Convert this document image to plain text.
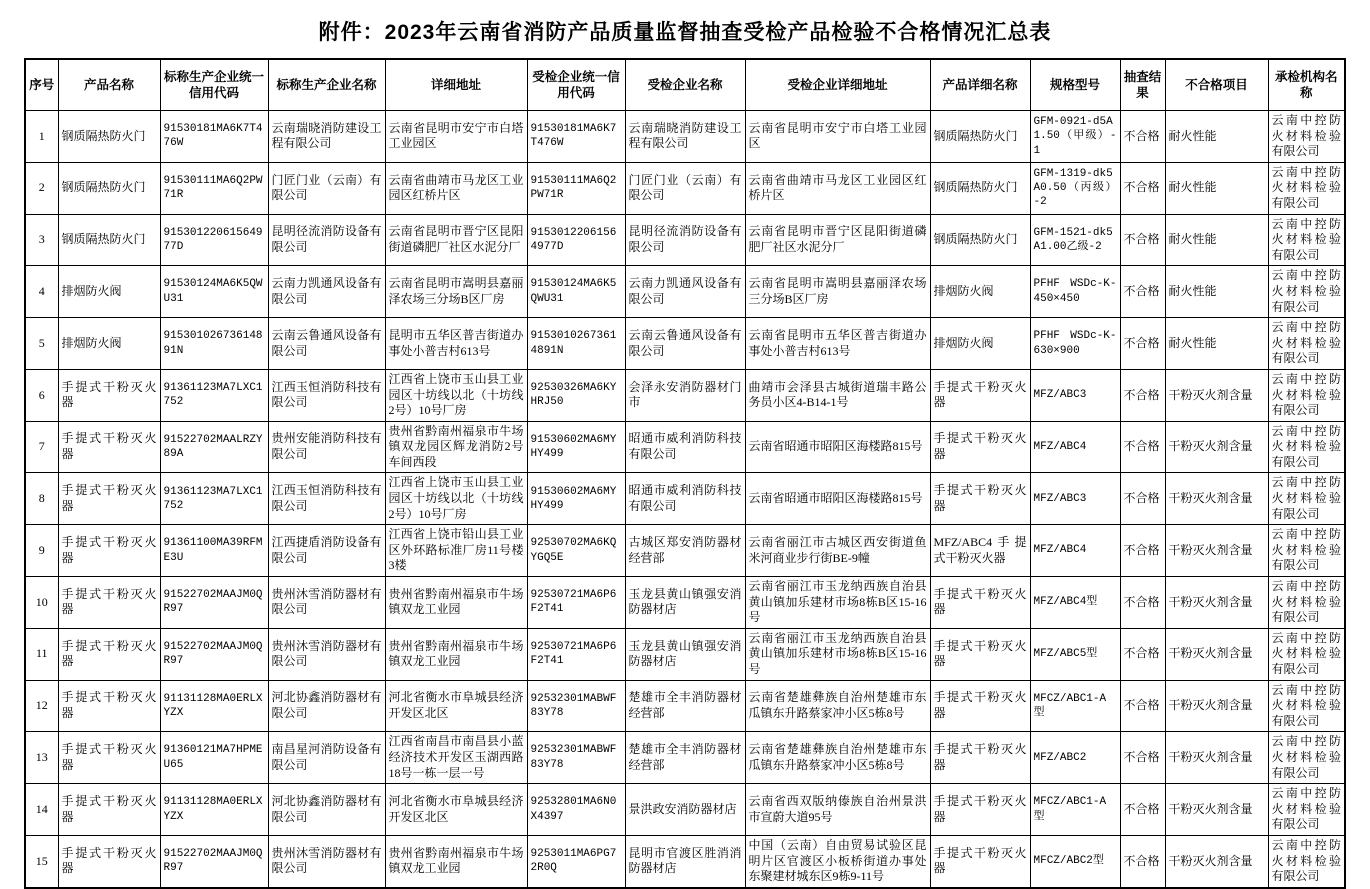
附件：2023年云南省消防产品质量监督抽查受检产品检验不合格情况汇总表
序号	产品名称	标称生产企业统一信用代码	标称生产企业名称	详细地址	受检企业统一信用代码	受检企业名称	受检企业详细地址	产品详细名称	规格型号	抽查结果	不合格项目	承检机构名称
1	钢质隔热防火门	91530181MA6K7T476W	云南瑞晓消防建设工程有限公司	云南省昆明市安宁市白塔工业园区	91530181MA6K7T476W	云南瑞晓消防建设工程有限公司	云南省昆明市安宁市白塔工业园区	钢质隔热防火门	GFM-0921-d5A1.50（甲级）-1	不合格	耐火性能	云南中控防火材料检验有限公司
2	钢质隔热防火门	91530111MA6Q2PW71R	门匠门业（云南）有限公司	云南省曲靖市马龙区工业园区红桥片区	91530111MA6Q2PW71R	门匠门业（云南）有限公司	云南省曲靖市马龙区工业园区红桥片区	钢质隔热防火门	GFM-1319-dk5A0.50（丙级）-2	不合格	耐火性能	云南中控防火材料检验有限公司
3	钢质隔热防火门	91530122061564977D	昆明径流消防设备有限公司	云南省昆明市晋宁区昆阳街道磷肥厂社区水泥分厂	91530122061564977D	昆明径流消防设备有限公司	云南省昆明市晋宁区昆阳街道磷肥厂社区水泥分厂	钢质隔热防火门	GFM-1521-dk5A1.00乙级-2	不合格	耐火性能	云南中控防火材料检验有限公司
4	排烟防火阀	91530124MA6K5QWU31	云南力凯通风设备有限公司	云南省昆明市嵩明县嘉丽泽农场三分场B区厂房	91530124MA6K5QWU31	云南力凯通风设备有限公司	云南省昆明市嵩明县嘉丽泽农场三分场B区厂房	排烟防火阀	PFHF WSDc-K-450×450	不合格	耐火性能	云南中控防火材料检验有限公司
5	排烟防火阀	91530102673614891N	云南云鲁通风设备有限公司	昆明市五华区普吉街道办事处小普吉村613号	91530102673614891N	云南云鲁通风设备有限公司	云南省昆明市五华区普吉街道办事处小普吉村613号	排烟防火阀	PFHF WSDc-K-630×900	不合格	耐火性能	云南中控防火材料检验有限公司
6	手提式干粉灭火器	91361123MA7LXC1752	江西玉恒消防科技有限公司	江西省上饶市玉山县工业园区十坊线以北（十坊线2号）10号厂房	92530326MA6KYHRJ50	会泽永安消防器材门市	曲靖市会泽县古城街道瑞丰路公务员小区4-B14-1号	手提式干粉灭火器	MFZ/ABC3	不合格	干粉灭火剂含量	云南中控防火材料检验有限公司
7	手提式干粉灭火器	91522702MAALRZY89A	贵州安能消防科技有限公司	贵州省黔南州福泉市牛场镇双龙园区辉龙消防2号车间西段	91530602MA6MYHY499	昭通市威利消防科技有限公司	云南省昭通市昭阳区海楼路815号	手提式干粉灭火器	MFZ/ABC4	不合格	干粉灭火剂含量	云南中控防火材料检验有限公司
8	手提式干粉灭火器	91361123MA7LXC1752	江西玉恒消防科技有限公司	江西省上饶市玉山县工业园区十坊线以北（十坊线2号）10号厂房	91530602MA6MYHY499	昭通市威利消防科技有限公司	云南省昭通市昭阳区海楼路815号	手提式干粉灭火器	MFZ/ABC3	不合格	干粉灭火剂含量	云南中控防火材料检验有限公司
9	手提式干粉灭火器	91361100MA39RFME3U	江西捷盾消防设备有限公司	江西省上饶市铅山县工业区外环路标准厂房11号楼3楼	92530702MA6KQYGQ5E	古城区郑安消防器材经营部	云南省丽江市古城区西安街道鱼米河商业步行街BE-9幢	MFZ/ABC4手提式干粉灭火器	MFZ/ABC4	不合格	干粉灭火剂含量	云南中控防火材料检验有限公司
10	手提式干粉灭火器	91522702MAAJM0QR97	贵州沐雪消防器材有限公司	贵州省黔南州福泉市牛场镇双龙工业园	92530721MA6P6F2T41	玉龙县黄山镇强安消防器材店	云南省丽江市玉龙纳西族自治县黄山镇加乐建材市场8栋B区15-16号	手提式干粉灭火器	MFZ/ABC4型	不合格	干粉灭火剂含量	云南中控防火材料检验有限公司
11	手提式干粉灭火器	91522702MAAJM0QR97	贵州沐雪消防器材有限公司	贵州省黔南州福泉市牛场镇双龙工业园	92530721MA6P6F2T41	玉龙县黄山镇强安消防器材店	云南省丽江市玉龙纳西族自治县黄山镇加乐建材市场8栋B区15-16号	手提式干粉灭火器	MFZ/ABC5型	不合格	干粉灭火剂含量	云南中控防火材料检验有限公司
12	手提式干粉灭火器	91131128MA0ERLXYZX	河北协鑫消防器材有限公司	河北省衡水市阜城县经济开发区北区	92532301MABWF83Y78	楚雄市全丰消防器材经营部	云南省楚雄彝族自治州楚雄市东瓜镇东升路蔡家冲小区5栋8号	手提式干粉灭火器	MFCZ/ABC1-A型	不合格	干粉灭火剂含量	云南中控防火材料检验有限公司
13	手提式干粉灭火器	91360121MA7HPMEU65	南昌星河消防设备有限公司	江西省南昌市南昌县小蓝经济技术开发区玉湖西路18号一栋一层一号	92532301MABWF83Y78	楚雄市全丰消防器材经营部	云南省楚雄彝族自治州楚雄市东瓜镇东升路蔡家冲小区5栋8号	手提式干粉灭火器	MFZ/ABC2	不合格	干粉灭火剂含量	云南中控防火材料检验有限公司
14	手提式干粉灭火器	91131128MA0ERLXYZX	河北协鑫消防器材有限公司	河北省衡水市阜城县经济开发区北区	92532801MA6N0X4397	景洪政安消防器材店	云南省西双版纳傣族自治州景洪市宣蔚大道95号	手提式干粉灭火器	MFCZ/ABC1-A型	不合格	干粉灭火剂含量	云南中控防火材料检验有限公司
15	手提式干粉灭火器	91522702MAAJM0QR97	贵州沐雪消防器材有限公司	贵州省黔南州福泉市牛场镇双龙工业园	9253011MA6PG72R0Q	昆明市官渡区胜消消防器材店	中国（云南）自由贸易试验区昆明片区官渡区小板桥街道办事处东聚建材城东区9栋9-11号	手提式干粉灭火器	MFCZ/ABC2型	不合格	干粉灭火剂含量	云南中控防火材料检验有限公司
